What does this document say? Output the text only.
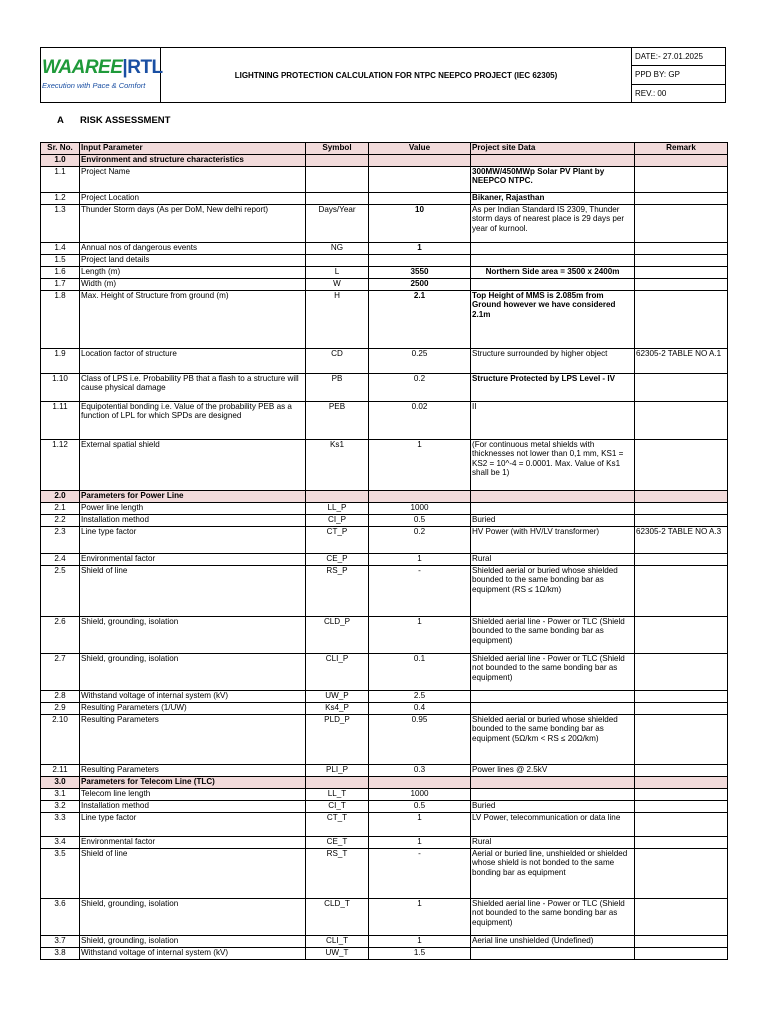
WAAREE|RTL
Execution with Pace & Comfort
	LIGHTNING PROTECTION CALCULATION FOR NTPC NEEPCO PROJECT (IEC 62305)	DATE:- 27.01.2025
PPD BY: GP
REV.: 00
A RISK ASSESSMENT
Sr. No.	Input Parameter	Symbol	Value	Project site Data	Remark
1.0	Environment and structure characteristics				
1.1	Project Name			300MW/450MWp Solar PV Plant by NEEPCO NTPC.	
1.2	Project Location			Bikaner, Rajasthan	
1.3	Thunder Storm days (As per DoM, New delhi report)	Days/Year	10	As per Indian Standard IS 2309, Thunder storm days of nearest place is 29 days per year of kurnool.	
1.4	Annual nos of dangerous events	NG	1		
1.5	Project land details				
1.6	Length (m)	L	3550	Northern Side area = 3500 x 2400m	
1.7	Width (m)	W	2500		
1.8	Max. Height of Structure from ground (m)	H	2.1	Top Height of MMS is 2.085m from Ground however we have considered 2.1m	
1.9	Location factor of structure	CD	0.25	Structure surrounded by higher object	62305-2 TABLE NO A.1
1.10	Class of LPS i.e. Probability PB that a flash to a structure will cause physical damage	PB	0.2	Structure Protected by LPS Level - IV	
1.11	Equipotential bonding i.e. Value of the probability PEB as a function of LPL for which SPDs are designed	PEB	0.02	II	
1.12	External spatial shield	Ks1	1	(For continuous metal shields with thicknesses not lower than 0,1 mm, KS1 = KS2 = 10^-4 = 0.0001. Max. Value of Ks1 shall be 1)	
2.0	Parameters for Power Line				
2.1	Power line length	LL_P	1000		
2.2	Installation method	CI_P	0.5	Buried	
2.3	Line type factor	CT_P	0.2	HV Power (with HV/LV transformer)	62305-2 TABLE NO A.3
2.4	Environmental factor	CE_P	1	Rural	
2.5	Shield of line	RS_P	-	Shielded aerial or buried whose shielded bounded to the same bonding bar as equipment (RS ≤ 1Ω/km)	
2.6	Shield, grounding, isolation	CLD_P	1	Shielded aerial line - Power or TLC (Shield bounded to the same bonding bar as equipment)	
2.7	Shield, grounding, isolation	CLI_P	0.1	Shielded aerial line - Power or TLC (Shield not bounded to the same bonding bar as equipment)	
2.8	Withstand voltage of internal system (kV)	UW_P	2.5		
2.9	Resulting Parameters (1/UW)	Ks4_P	0.4		
2.10	Resulting Parameters	PLD_P	0.95	Shielded aerial or buried whose shielded bounded to the same bonding bar as equipment (5Ω/km < RS ≤ 20Ω/km)	
2.11	Resulting Parameters	PLI_P	0.3	Power lines @ 2.5kV	
3.0	Parameters for Telecom Line (TLC)				
3.1	Telecom line length	LL_T	1000		
3.2	Installation method	CI_T	0.5	Buried	
3.3	Line type factor	CT_T	1	LV Power, telecommunication or data line	
3.4	Environmental factor	CE_T	1	Rural	
3.5	Shield of line	RS_T	-	Aerial or buried line, unshielded or shielded whose shield is not bonded to the same bonding bar as equipment	
3.6	Shield, grounding, isolation	CLD_T	1	Shielded aerial line - Power or TLC (Shield not bounded to the same bonding bar as equipment)	
3.7	Shield, grounding, isolation	CLI_T	1	Aerial line unshielded (Undefined)	
3.8	Withstand voltage of internal system (kV)	UW_T	1.5		
